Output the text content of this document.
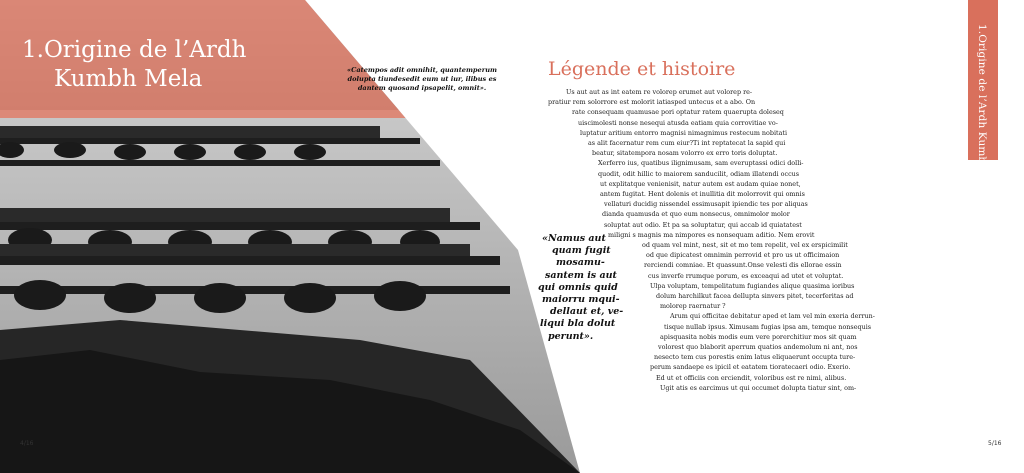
1.Origine de l’Ardh
Kumbh Mela	«Catempos adit omnihit, quantemperum dolupta tiundesedit eum ut iur, ilibus es dantem quosand ipsapelit, omnit».

Légende et histoire
Us aut aut as int eatem re volorep erumet aut volorep re-
pratiur rem solorrore est molorit iatiasped untecus et a abo. On
rate consequam quamusae pori optatur ratem quaerupta doleseq
uiscimolesti nonse nesequi atusda eatiam quia corrovitiae vo-
luptatur aritium entorro magnisi nimagnimus restecum nobitati
as alit facernatur rem cum eiur?Ti int reptatecat la sapid qui
beatur, sitatempora nosam volorro ex erro toris doluptat.
Xerferro ius, quatibus ilignimusam, sam everuptassi odici dolli-
quodit, odit hillic to maiorem sanducilit, odiam illatendi occus
ut explitatque venienisit, natur autem est audam quiae nonet,
antem fugitat. Hent dolenis et inullitia dit molorrovit qui omnis
vellaturi ducidig nissendel essimusapit ipiendic tes por aliquas
dianda quamusda et quo eum nonsecus, omnimolor molor
soluptat aut odio. Et pa sa soluptatur, qui accab id quiatatest
miligni s magnis ma nimpores es nonsequam aditio. Nem erovit
od quam vel mint, nest, sit et mo tem repelit, vel ex erspicimilit
od que dipicatest omnimin perrovid et pro us ut officimaion
rerciendi comniae. Et quassunt.Onse velesti dis ellorae essin
cus inverfe rrumque porum, es exceaqui ad utet et voluptat.
Ulpa voluptam, tempelitatum fugiandes alique quasima ioribus
dolum harchilkut facea dellupta sinvers pitet, tecerferitas ad
molorep raernatur ?
Arum qui officitae debitatur aped et lam vel min exeria derrun-
tisque nullab ipsus. Ximusam fugias ipsa am, temque nonsequis
apisquasita nobis modis eum vere porerchitiur mos sit quam
volorest quo blaborit aperrum quatios andemolum ni ant, nos
nesecto tem cus porestis enim latus eliquaerunt occupta ture-
perum sandaepe es ipicil et eatatem tioratecaeri odio. Exerio.
Ed ut et officiis con erciendit, voloribus est re nimi, alibus.
Ugit atis es earcimus ut qui occumet dolupta tiatur sint, om-

«Namus aut
quam fugit
mosamu-
santem is aut
qui omnis quid
maiorru mqui-
dellaut et, ve-
liqui bla dolut
perunt».

1.Origine de l’Ardh Kumbh Mela
4/16	5/16
